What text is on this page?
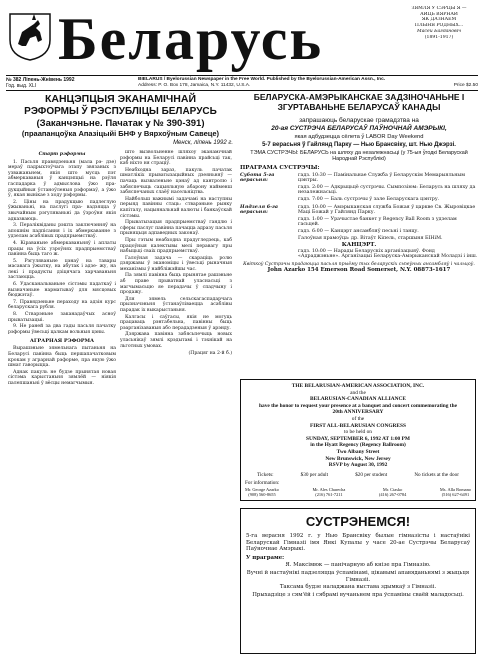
Беларусь	ЗЯМЛЯ Ў СЭРЦЫ Я —
АЙЦЬ ВЯРНАЙ
ЯК ДАЗНАЁМ
ПЛЫНЯ РОДНЫХ...
Масей Багдановіч
(1891-1917)
№ 382 Ліпень-Жнівень 1992
Год. выд. XLI
BIELARUS / Byelorussian Newspaper in the Free World. Published by the Byelorussian-American Assn., Inc.
Address: P. O. Box 178, Jamaica, N.Y. 11432, U.S.A.	Price $2.50
КАНЦЭПЦЫЯ ЭКАНАМІЧНАЙ
РЭФОРМЫ Ў РЭСПУБЛІЦЫ БЕЛАРУСЬ
(Заканчэньне. Пачатак у № 390-391)
(праапанцоўка Апазіцыйі БНФ у Вярхоўным Савеце)
Менск, ліпень 1992 г.

Старт рэформы

1. Пасьля правядзеньня (мала рэ- дзе) мераў падрыхтоўчага этапу звязаных з узважаньнем, якія што мусць пэт абмеркаваныя ў канцэпцыі на рэўля гаспадарка ў адмыслова ўжо пра- дукцыйныя ўстаноўленыя рэформаў, а ўжо ў, якая вынікае з ходу рэформы.

2. Ціны на прадукцыю падлеглую ўжываньні, на паслугі пра- вадзяцца ў звычайным рэгуляваньні да ўзроўня якія адказваюць.

3. Пераліквіданы рэшта заключэнняў на апошнім падпісання і іх абмеркаванне з удзелам асаблівых прадпрыемстваў.

4. Кіраваньне абмеркаваньняў і аплаты працы на ўсіх узроўнях прадпрыемстваў павінна быць таго ж.

5. Рэгуляваньне цэнаў на тавары масавага ўжытку, на абутак і адзе- жу, на лекі і прадукты дзіцячага харчаваньня застаюцца.

6. Удасканальваньне сістэмы падаткаў і вызначэньне нарматываў для мясцовых бюджэтаў.

7. Правядзеньне пераходу на адзін курс беларускага рубля.

8. Стварэньне заканадаўчых асноў прыватызацыі.

9. Не раней за два гады пасьля пачатку рэформы ўвесьці цалкам вольныя цэны.

АГРАРНАЯ РЭФОРМА

Вырашэньне зямельнага пытаньня на Беларусі павінна быць першапачатковым крокам у аграрнай рэформе, пра якую ўжо шмат гаворыцца.

Аднак пакуль не будзе прынятая новая сістэма карыстаньня зямлёй — ніякія палепшаньні ў вёсцы немагчымыя.

што вызвольненне шляхоў эканамічнай рэформы на Беларусі павінна прайсьці так, каб ніхто ня страціў.

Неабходна зараз, пакуль пачатак шматлікіх прыватызацыйных дзеяньняў — пачаць вызваленьне цэнаў ад кантролю і забяспечыць сацыяльную абарону найменш забяспечаных слаёў насельніцтва.

Найбольш важнымі задачамі на наступны перыяд павінны стаць: стварэньне рынку капіталу, нацыянальнай валюты і банкаўскай сістэмы.

Прыватызацыя прадпрыемстваў гандлю і сферы паслуг павінна пачацца адразу пасьля прыняцьця адпаведных законаў.

Пры гэтым неабходна прадугледзець, каб працоўныя калектывы мелі перавагу пры набыцьці сваіх прадпрыемстваў.

Галоўная задача — скараціць ролю дзяржавы ў эканоміцы і ўвесьці рыначныя механізмы ў найбліжэйшы час.

Па зямлі павінна быць прынятае рашэньне аб праве прыватнай уласнасьці з магчымасьцю яе перадачы ў спадчыну і продажу.

Для зямель сельскагаспадарчага прызначэньня ўстанаўліваецца асаблівы парадак іх выкарыстаньня.

Калгасы і саўгасы, якія не могуць працаваць рэнтабельна, павінны быць рэарганізаваныя або перададзеныя ў арэнду.

Дзяржава павінна забясьпечыць новых уласьнікаў зямлі крэдытамі і тэхнікай на льготных умовах.

(Працяг на 2-й б.)
БЕЛАРУСКА-АМЭРЫКАНСКАЕ ЗАДЗІНОЧАНЬНЕ І ЗГУРТАВАНЬНЕ БЕЛАРУСАЎ КАНАДЫ
запрашаюць беларускае грамадзтва на
20-ая СУСТРЭЧА БЕЛАРУСАЎ ПАЎНОЧНАЙ АМЭРЫКІ,
якая адбудзецца сёлета ў LABOR Day Weekend
5-7 верасьня ў Гайлянд Парку — Нью Брансвіку, шт. Нью Джэрзі.
ТЭМА СУСТРЭЧЫ: БЕЛАРУСЬ на шляху да незалежнасьці (у 75-ыя ўгодкі Беларускай Народнай Рэспублікі)
ПРАГРАМА СУСТРЭЧЫ:
Субота 5-га верасьня:
гадз. 10:30 — Памінальнае Служба ў Беларускім Мемарыяльным цэнтры.
гадз. 2:00 — Адкрыцьцё сустрэчы. Сымпозіюм: Беларусь на шляху да незалежнасьці.
гадз. 7:00 — Баль сустрэчы ў зале Беларускага цэнтру.
Нядзеля 6-га верасьня:
гадз. 10:00 — Амэрыканская служба Божая ў царкве Св. Жыровіцкае Маці Божай у Гайлянд Парку.
гадз. 1:00 — Урачыстае банкет у Regency Ball Room з удзелам гасьцей.
гадз. 6:00 — Канцэрт ансамбляў песьні і танцу.
Галоўная прамоўца: др. Вітаўт Кіпель, старшыня БІНіМ.
КАНЦЭРТ.
гадз. 10:00 — Нарады Беларускіх арганізацыяў. Фонд «Адраджэньне». Арганізацыі Беларуска-Амэрыканскай Моладзі і інш.
Квіткоў Сустрэчы прадаюцца пасьля прыёму тых беларускіх сьпеўных ансамбляў і чальцоў.
John Azarko 154 Emerson Road Somerset, N.Y. 08873-1617
THE BELARUSIAN-AMERICAN ASSOCIATION, INC.
and the
BELARUSIAN-CANADIAN ALLIANCE
have the honor to request your presence at a banquet and concert commemorating the
20th ANNIVERSARY
of the
FIRST ALL-BELARUSIAN CONGRESS
to be held on
SUNDAY, SEPTEMBER 6, 1992 AT 1:00 PM
in the Hyatt Regency (Regency Ballroom)
Two Albany Street
New Brunswick, New Jersey
RSVP by August 30, 1992
Tickets:	$30 per adult	$20 per student	No tickets at the door
For information:
Mr. George Azarko
(908) 560-8655
Mr. Ales Charecha
(216) 761-7211
Mr. Ciasko
(416) 267-0784
Ms. Alla Romano
(516) 627-6491
СУСТРЭНЕМСЯ!
5-га верасня 1992 г. у Нью Брансвіку былые гімназісты і настаўнікі Беларускай Гімназіі імя Янкі Купалы у часе 20-ае Сустрэчы Беларусаў Паўночнае Амэрыкі.
У праграме:
Я. Максімюк — панічарную аб кнізе пра Гімназію.
Вучні й настаўнікі падзеляцца ўспамінамі, цікавымі апавяданьнямі з жыцьця Гімназіі.
Таксама будзе наладжана выстава здымкаў з Гімназіі.
Прыхадзіце з сям'ёй і сябрамі вучаньнем пра ўспаміны сваёй маладосьці.
